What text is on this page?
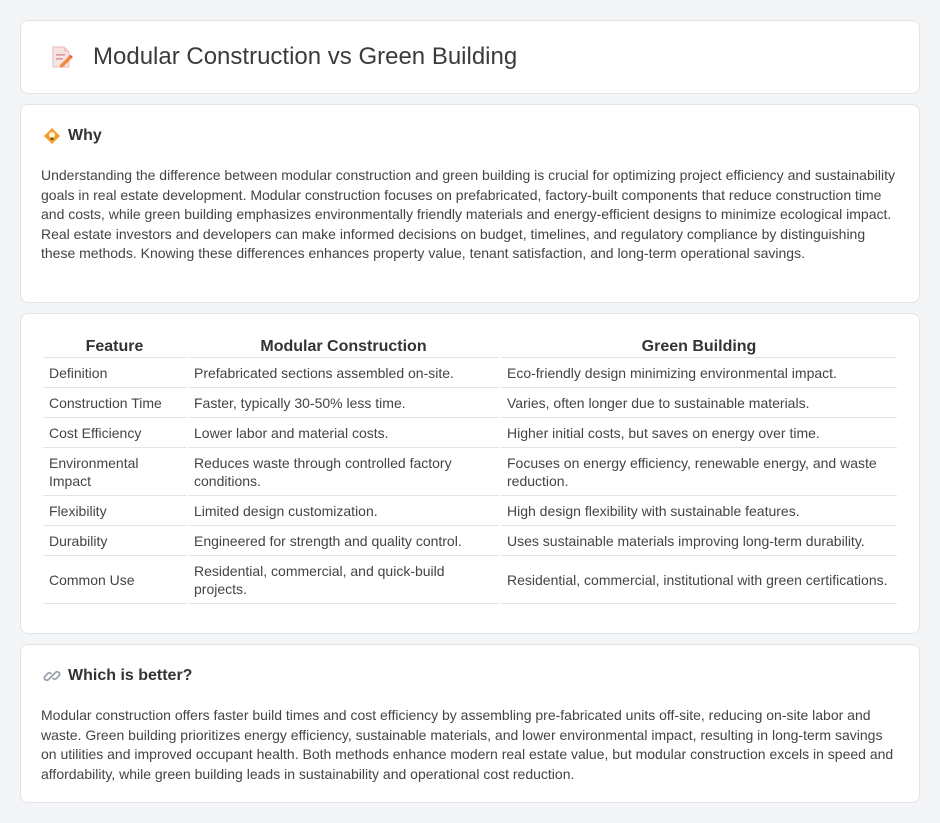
Modular Construction vs Green Building
Why

Understanding the difference between modular construction and green building is crucial for optimizing project efficiency and sustainability goals in real estate development. Modular construction focuses on prefabricated, factory-built components that reduce construction time and costs, while green building emphasizes environmentally friendly materials and energy-efficient designs to minimize ecological impact. Real estate investors and developers can make informed decisions on budget, timelines, and regulatory compliance by distinguishing these methods. Knowing these differences enhances property value, tenant satisfaction, and long-term operational savings.

Feature	Modular Construction	Green Building
Definition	Prefabricated sections assembled on-site.	Eco-friendly design minimizing environmental impact.
Construction Time	Faster, typically 30-50% less time.	Varies, often longer due to sustainable materials.
Cost Efficiency	Lower labor and material costs.	Higher initial costs, but saves on energy over time.
Environmental Impact	Reduces waste through controlled factory conditions.	Focuses on energy efficiency, renewable energy, and waste reduction.
Flexibility	Limited design customization.	High design flexibility with sustainable features.
Durability	Engineered for strength and quality control.	Uses sustainable materials improving long-term durability.
Common Use	Residential, commercial, and quick-build projects.	Residential, commercial, institutional with green certifications.
Which is better?

Modular construction offers faster build times and cost efficiency by assembling pre-fabricated units off-site, reducing on-site labor and waste. Green building prioritizes energy efficiency, sustainable materials, and lower environmental impact, resulting in long-term savings on utilities and improved occupant health. Both methods enhance modern real estate value, but modular construction excels in speed and affordability, while green building leads in sustainability and operational cost reduction.
